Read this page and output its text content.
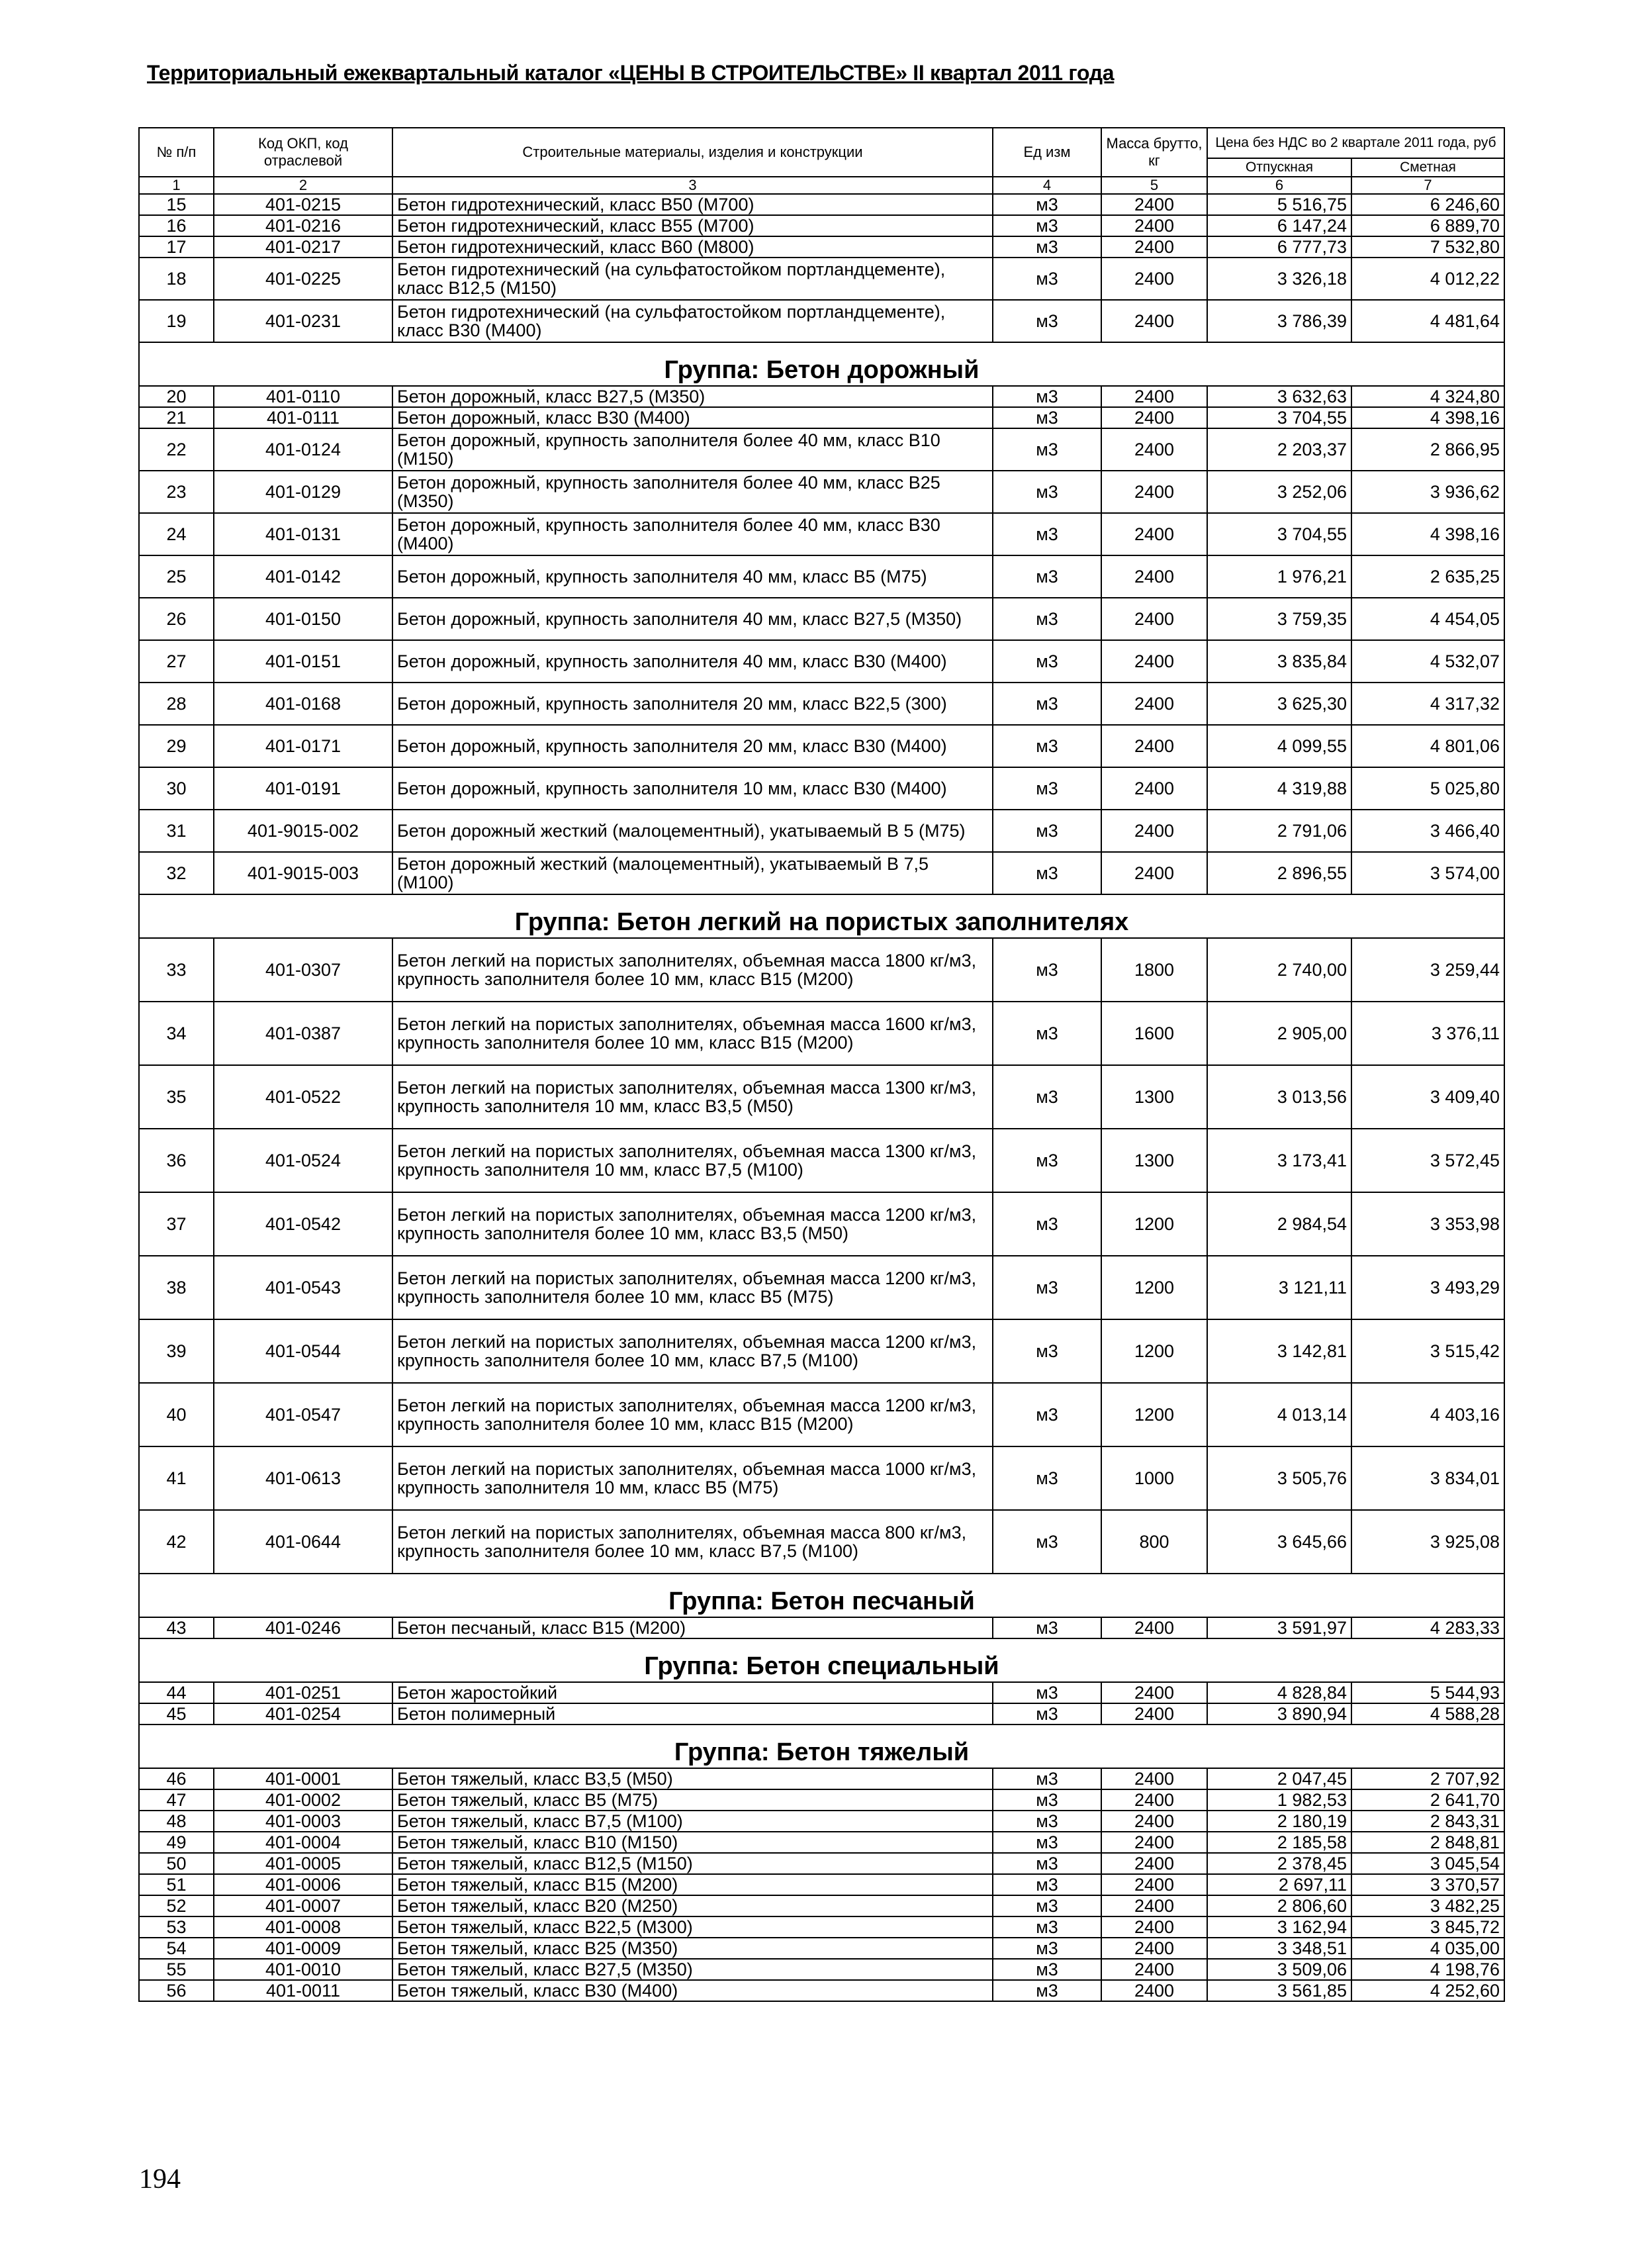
Территориальный ежеквартальный каталог «ЦЕНЫ В СТРОИТЕЛЬСТВЕ» II квартал 2011 года
№ п/п	Код ОКП, код отраслевой	Строительные материалы, изделия и конструкции	Ед изм	Масса брутто, кг	Цена без НДС во 2 квартале 2011 года, руб	
					Отпускная	Сметная
1	2	3	4	5	6	7
15	401-0215	Бетон гидротехнический, класс В50 (М700)	м3	2400	5 516,75	6 246,60
16	401-0216	Бетон гидротехнический, класс В55 (М700)	м3	2400	6 147,24	6 889,70
17	401-0217	Бетон гидротехнический, класс В60 (М800)	м3	2400	6 777,73	7 532,80
18	401-0225	Бетон гидротехнический (на сульфатостойком портландцементе), класс В12,5 (М150)	м3	2400	3 326,18	4 012,22
19	401-0231	Бетон гидротехнический (на сульфатостойком портландцементе), класс В30 (М400)	м3	2400	3 786,39	4 481,64
Группа: Бетон дорожный						
20	401-0110	Бетон дорожный, класс В27,5 (М350)	м3	2400	3 632,63	4 324,80
21	401-0111	Бетон дорожный, класс В30 (М400)	м3	2400	3 704,55	4 398,16
22	401-0124	Бетон дорожный, крупность заполнителя более 40 мм, класс В10 (М150)	м3	2400	2 203,37	2 866,95
23	401-0129	Бетон дорожный, крупность заполнителя более 40 мм, класс В25 (М350)	м3	2400	3 252,06	3 936,62
24	401-0131	Бетон дорожный, крупность заполнителя более 40 мм, класс В30 (М400)	м3	2400	3 704,55	4 398,16
25	401-0142	Бетон дорожный, крупность заполнителя 40 мм, класс В5 (М75)	м3	2400	1 976,21	2 635,25
26	401-0150	Бетон дорожный, крупность заполнителя 40 мм, класс В27,5 (М350)	м3	2400	3 759,35	4 454,05
27	401-0151	Бетон дорожный, крупность заполнителя 40 мм, класс В30 (М400)	м3	2400	3 835,84	4 532,07
28	401-0168	Бетон дорожный, крупность заполнителя 20 мм, класс В22,5 (300)	м3	2400	3 625,30	4 317,32
29	401-0171	Бетон дорожный, крупность заполнителя 20 мм, класс В30 (М400)	м3	2400	4 099,55	4 801,06
30	401-0191	Бетон дорожный, крупность заполнителя 10 мм, класс В30 (М400)	м3	2400	4 319,88	5 025,80
31	401-9015-002	Бетон дорожный жесткий (малоцементный), укатываемый В 5 (М75)	м3	2400	2 791,06	3 466,40
32	401-9015-003	Бетон дорожный жесткий (малоцементный), укатываемый В 7,5 (М100)	м3	2400	2 896,55	3 574,00
Группа: Бетон легкий на пористых заполнителях						
33	401-0307	Бетон легкий на пористых заполнителях, объемная масса 1800 кг/м3, крупность заполнителя более 10 мм, класс В15 (М200)	м3	1800	2 740,00	3 259,44
34	401-0387	Бетон легкий на пористых заполнителях, объемная масса 1600 кг/м3, крупность заполнителя более 10 мм, класс В15 (М200)	м3	1600	2 905,00	3 376,11
35	401-0522	Бетон легкий на пористых заполнителях, объемная масса 1300 кг/м3, крупность заполнителя 10 мм, класс В3,5 (М50)	м3	1300	3 013,56	3 409,40
36	401-0524	Бетон легкий на пористых заполнителях, объемная масса 1300 кг/м3, крупность заполнителя 10 мм, класс В7,5 (М100)	м3	1300	3 173,41	3 572,45
37	401-0542	Бетон легкий на пористых заполнителях, объемная масса 1200 кг/м3, крупность заполнителя более 10 мм, класс В3,5 (М50)	м3	1200	2 984,54	3 353,98
38	401-0543	Бетон легкий на пористых заполнителях, объемная масса 1200 кг/м3, крупность заполнителя более 10 мм, класс В5 (М75)	м3	1200	3 121,11	3 493,29
39	401-0544	Бетон легкий на пористых заполнителях, объемная масса 1200 кг/м3, крупность заполнителя более 10 мм, класс В7,5 (М100)	м3	1200	3 142,81	3 515,42
40	401-0547	Бетон легкий на пористых заполнителях, объемная масса 1200 кг/м3, крупность заполнителя более 10 мм, класс В15 (М200)	м3	1200	4 013,14	4 403,16
41	401-0613	Бетон легкий на пористых заполнителях, объемная масса 1000 кг/м3, крупность заполнителя 10 мм, класс В5 (М75)	м3	1000	3 505,76	3 834,01
42	401-0644	Бетон легкий на пористых заполнителях, объемная масса 800 кг/м3, крупность заполнителя более 10 мм, класс В7,5 (М100)	м3	800	3 645,66	3 925,08
Группа: Бетон песчаный						
43	401-0246	Бетон песчаный, класс В15 (М200)	м3	2400	3 591,97	4 283,33
Группа: Бетон специальный						
44	401-0251	Бетон жаростойкий	м3	2400	4 828,84	5 544,93
45	401-0254	Бетон полимерный	м3	2400	3 890,94	4 588,28
Группа: Бетон тяжелый						
46	401-0001	Бетон тяжелый, класс В3,5 (М50)	м3	2400	2 047,45	2 707,92
47	401-0002	Бетон тяжелый, класс В5 (М75)	м3	2400	1 982,53	2 641,70
48	401-0003	Бетон тяжелый, класс В7,5 (М100)	м3	2400	2 180,19	2 843,31
49	401-0004	Бетон тяжелый, класс В10 (М150)	м3	2400	2 185,58	2 848,81
50	401-0005	Бетон тяжелый, класс В12,5 (М150)	м3	2400	2 378,45	3 045,54
51	401-0006	Бетон тяжелый, класс В15 (М200)	м3	2400	2 697,11	3 370,57
52	401-0007	Бетон тяжелый, класс В20 (М250)	м3	2400	2 806,60	3 482,25
53	401-0008	Бетон тяжелый, класс В22,5 (М300)	м3	2400	3 162,94	3 845,72
54	401-0009	Бетон тяжелый, класс В25 (М350)	м3	2400	3 348,51	4 035,00
55	401-0010	Бетон тяжелый, класс В27,5 (М350)	м3	2400	3 509,06	4 198,76
56	401-0011	Бетон тяжелый, класс В30 (М400)	м3	2400	3 561,85	4 252,60
194
